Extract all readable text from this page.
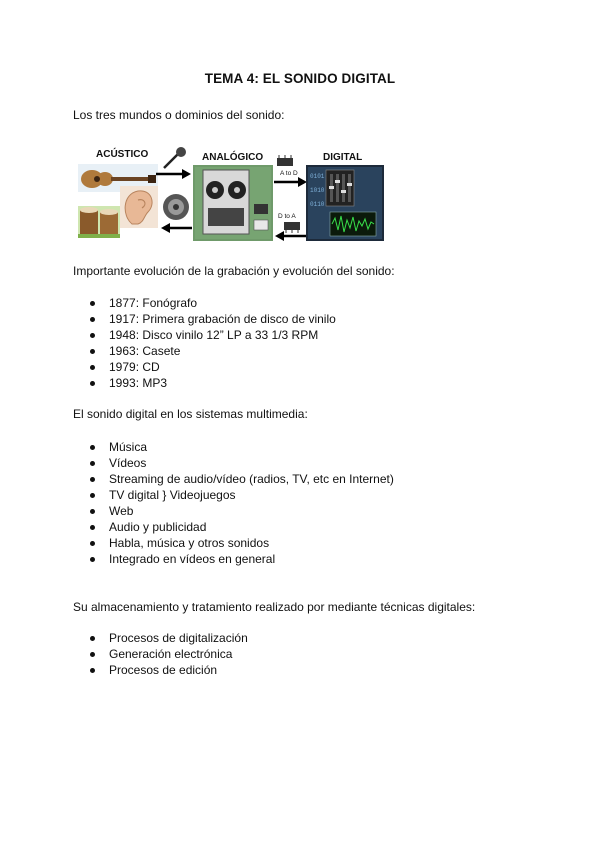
TEMA 4: EL SONIDO DIGITAL
Los tres mundos o dominios del sonido:
ACÚSTICO	ANALÓGICO
A to D
D to A
DIGITAL
0101
1010
0110
Importante evolución de la grabación y evolución del sonido:
1877: Fonógrafo
1917: Primera grabación de disco de vinilo
1948: Disco vinilo 12” LP a 33 1/3 RPM
1963: Casete
1979: CD
1993: MP3
El sonido digital en los sistemas multimedia:
Música
Vídeos
Streaming de audio/vídeo (radios, TV, etc en Internet)
TV digital } Videojuegos
Web
Audio y publicidad
Habla, música y otros sonidos
Integrado en vídeos en general
Su almacenamiento y tratamiento realizado por mediante técnicas digitales:
Procesos de digitalización
Generación electrónica
Procesos de edición
